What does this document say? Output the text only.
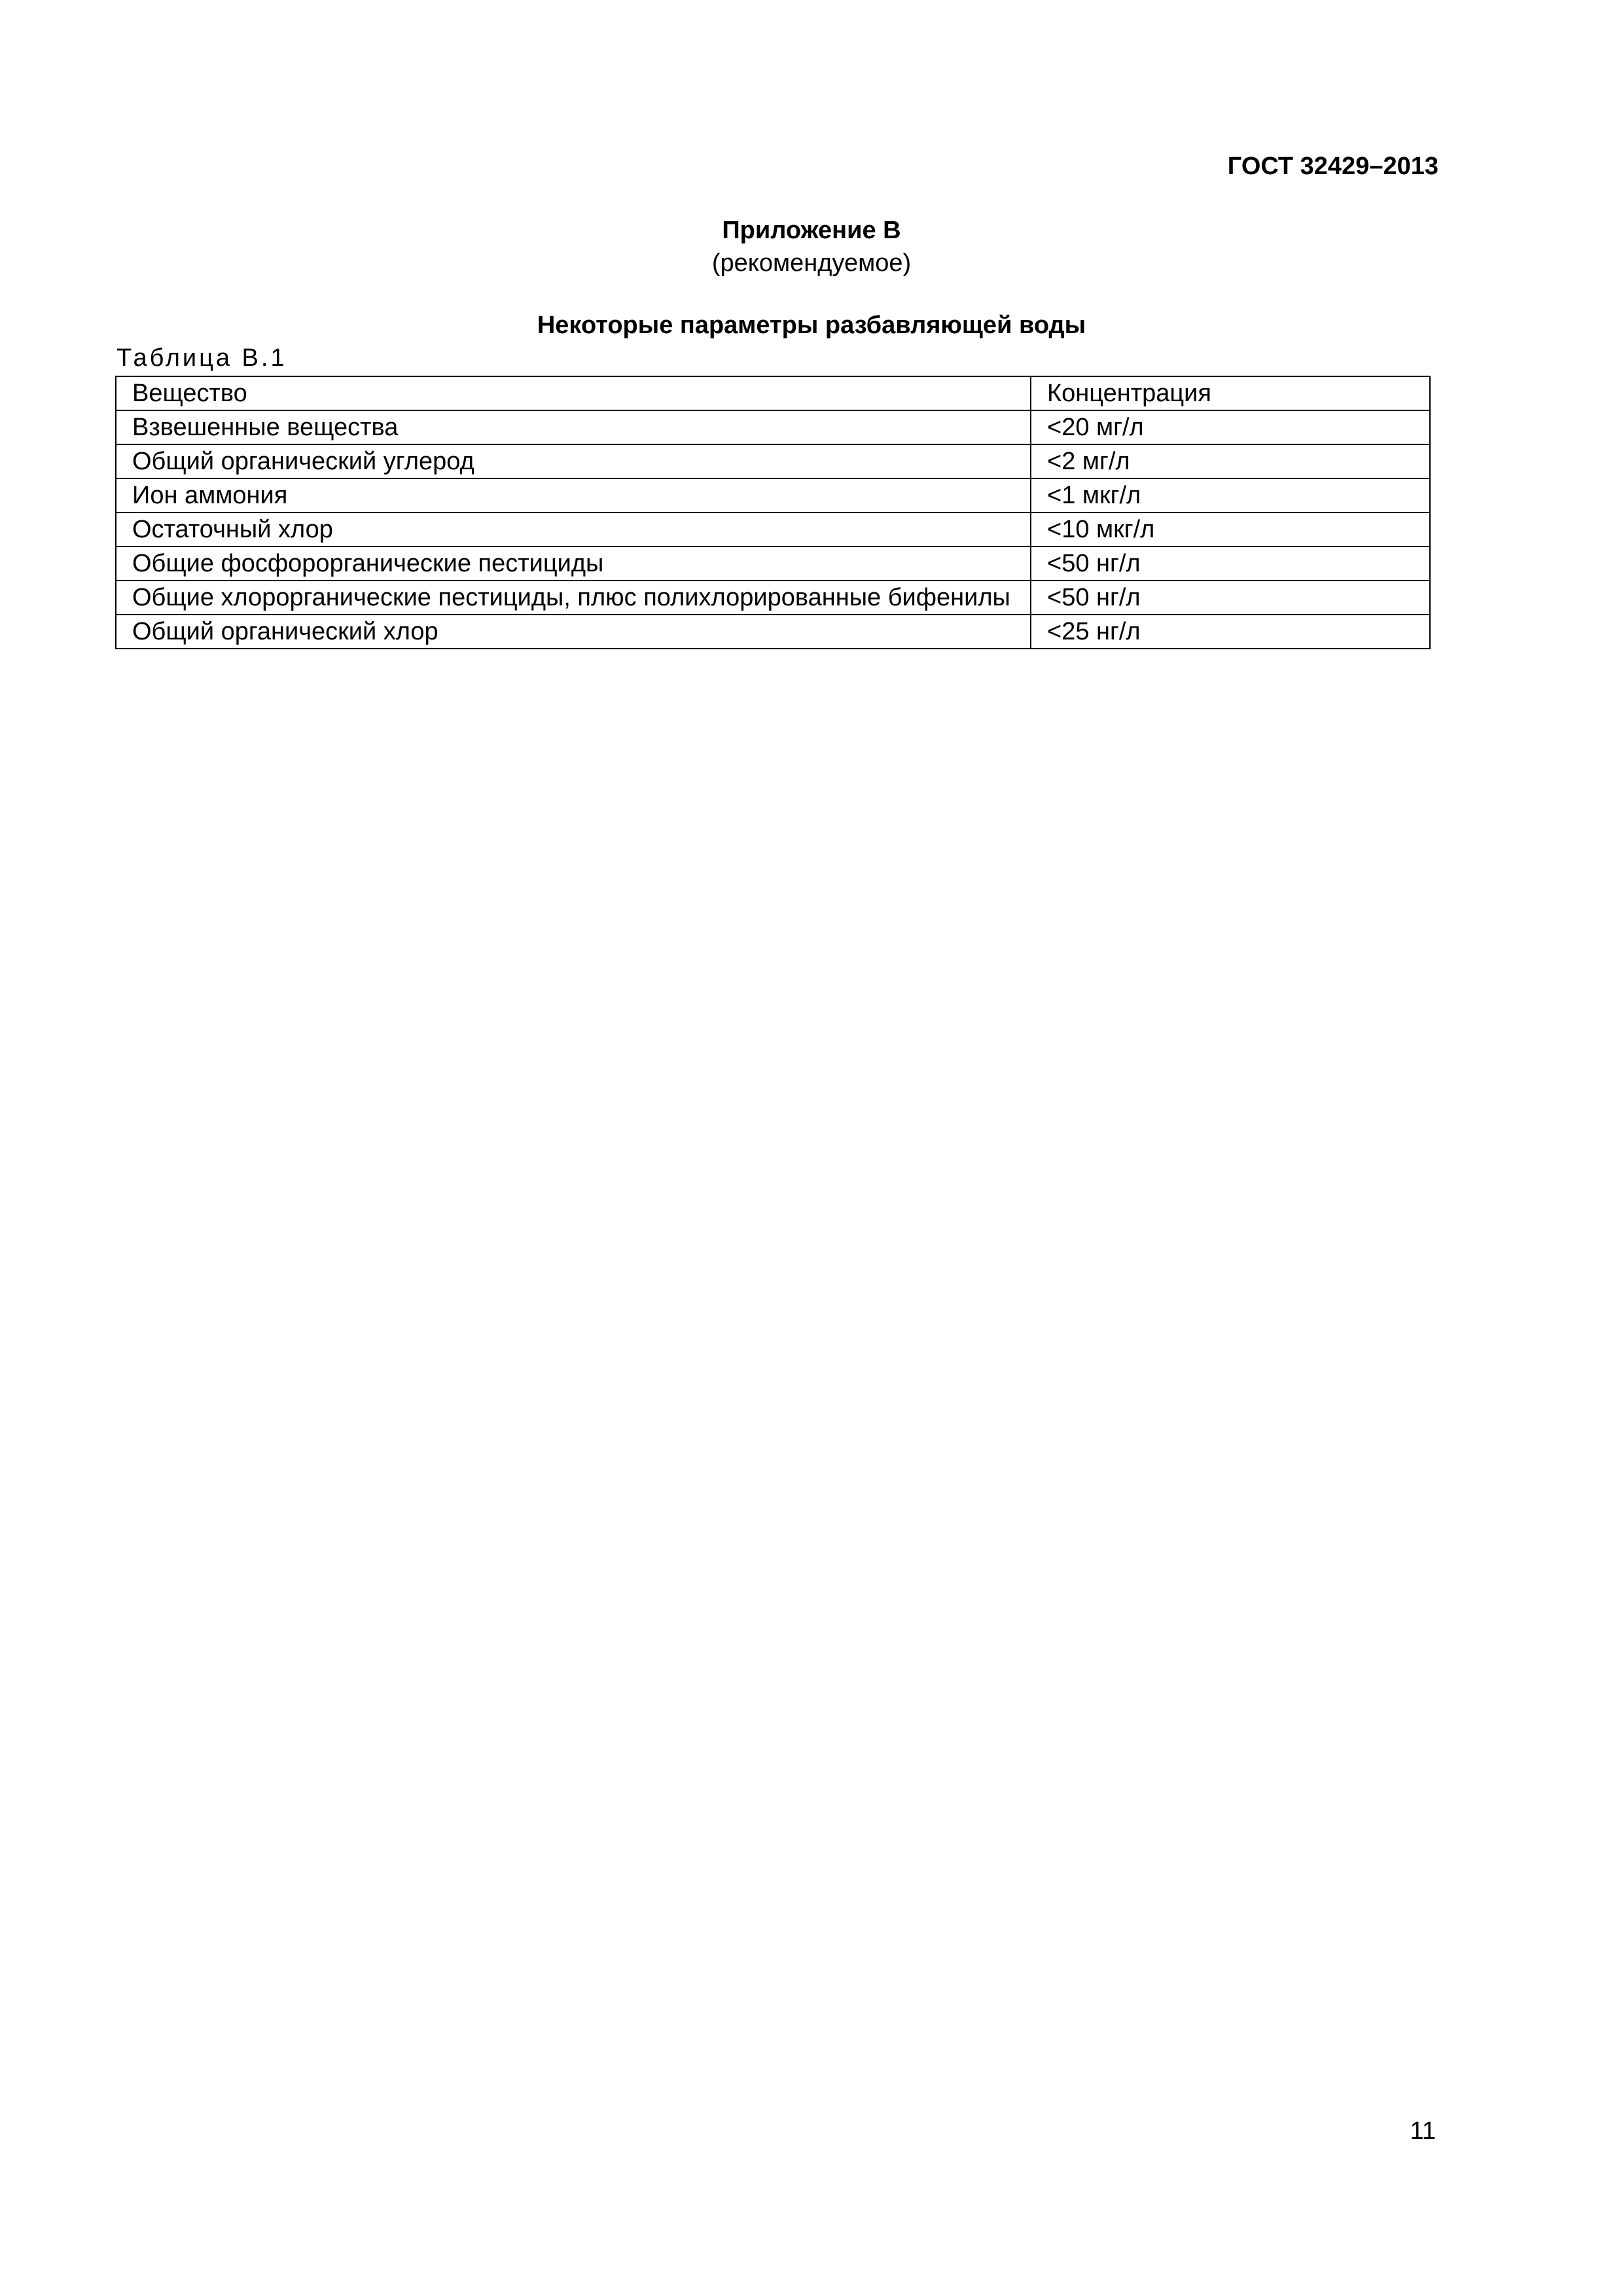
ГОСТ 32429–2013
Приложение В
(рекомендуемое)
Некоторые параметры разбавляющей воды
Таблица В.1
Вещество	Концентрация
Взвешенные вещества	<20 мг/л
Общий органический углерод	<2 мг/л
Ион аммония	<1 мкг/л
Остаточный хлор	<10 мкг/л
Общие фосфорорганические пестициды	<50 нг/л
Общие хлорорганические пестициды, плюс полихлорированные бифенилы	<50 нг/л
Общий органический хлор	<25 нг/л
11
